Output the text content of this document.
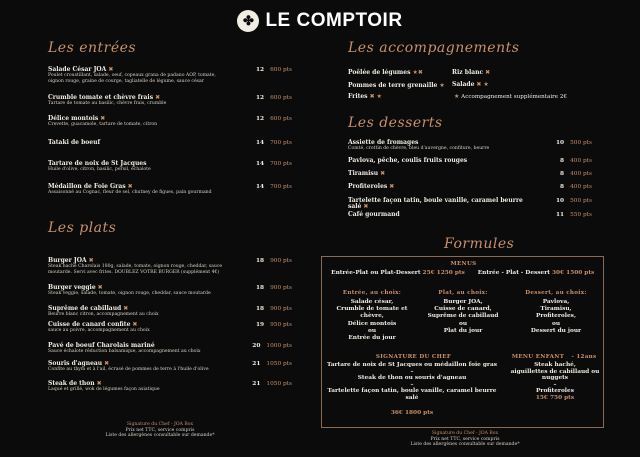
✤ LE COMPTOIR
Les entrées
Salade César JOA ✖
Poulet croustillant, salade, oeuf, copeaux grana de padano AOP, tomate, oignon rouge, graine de courge, tagliatelle de légume, sauce césar
12 600 pts
Crumble tomate et chèvre frais ✖
Tartare de tomate au basilic, chèvre frais, crumble
12 600 pts
Délice montois ✖
Crevette, guacamole, tartare de tomate, citron
12 600 pts
Tataki de boeuf	14 700 pts
Tartare de noix de St Jacques
Huile d'olive, citron, basilic, persil, échalote
14 700 pts
Médaillon de Foie Gras ✖
Assaisonné au Cognac, fleur de sel, chutney de figues, pain gourmand
14 700 pts
Les plats
Burger JOA ✖
Steak haché Charolais 180g, salade, tomate, oignon rouge, cheddar, sauce moutarde. Servi avec frites. DOUBLEZ VOTRE BURGER (supplément 4€)
18 900 pts
Burger veggie ✖
Steak veggie, salade, tomate, oignon rouge, cheddar, sauce moutarde
18 900 pts
Suprême de cabillaud ✖
Beurre blanc citron, accompagnement au choix
18 900 pts
Cuisse de canard confite ✖
sauce au poivre, accompagnement au choix
19 950 pts
Pavé de boeuf Charolais mariné
Sauce échalote réduction balsamique, accompagnement au choix
20 1000 pts
Souris d'agneau ✖
Confite au thym et à l'ail, écrasé de pommes de terre à l'huile d'olive
21 1050 pts
Steak de thon ✖
Laqué et grillé, wok de légumes façon asiatique
21 1050 pts
Signature du Chef - JOA Box
Prix net TTC, service compris
Liste des allergènes consultable sur demande*
Les accompagnements
Poêlée de légumes ★✖
Pommes de terre grenaille ★
Frites ✖ ★
Riz blanc ✖
Salade ✖ ★
★ Accompagnement supplémentaire 2€
Les desserts
Assiette de fromages
Comté, crottin de chèvre, bleu d'auvergne, confiture, beurre
10 500 pts
Pavlova, pêche, coulis fruits rouges	8 400 pts
Tiramisu ✖	8 400 pts
Profiteroles ✖	8 400 pts
Tartelette façon tatin, boule vanille, caramel beurre salé ✖
10 500 pts
Café gourmand	11 550 pts
Formules
MENUS
Entrée-Plat ou Plat-Dessert 25€ 1250 pts	Entrée - Plat - Dessert 30€ 1500 pts
Entrée, au choix:
Salade césar,
Crumble de tomate et chèvre,
Délice montois
ou
Entrée du jour
Plat, au choix:
Burger JOA,
Cuisse de canard,
Suprême de cabillaud
ou
Plat du jour
Dessert, au choix:
Pavlova,
Tiramisu,
Profiteroles,
ou
Dessert du jour
SIGNATURE DU CHEF
Tartare de noix de St Jacques ou médaillon foie gras
–
Steak de thon ou souris d'agneau
–
Tartelette façon tatin, boule vanille, caramel beurre salé
36€ 1800 pts
MENU ENFANT	- 12ans
Steak haché,
aiguillettes de cabillaud ou nuggets
–
Profiteroles
15€ 750 pts
Signature du Chef - JOA Box
Prix net TTC, service compris
Liste des allergènes consultable sur demande*
